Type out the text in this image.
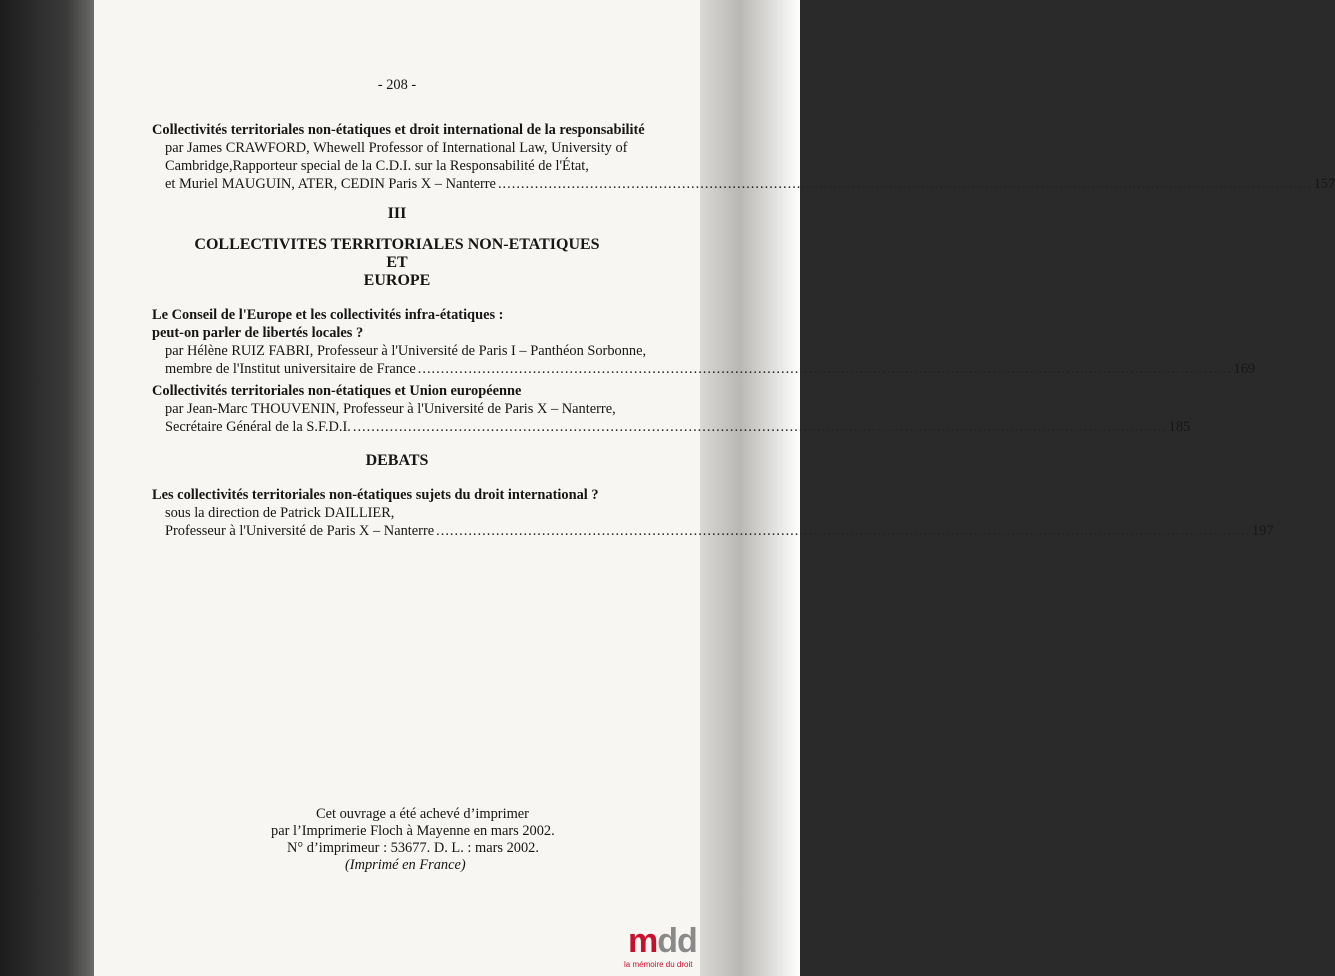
- 208 -
Collectivités territoriales non-étatiques et droit international de la responsabilité
par James CRAWFORD, Whewell Professor of International Law, University of
Cambridge,Rapporteur special de la C.D.I. sur la Responsabilité de l'État,
et Muriel MAUGUIN, ATER, CEDIN Paris X – Nanterre ................................................................................................................................................................................. 157
III
COLLECTIVITES TERRITORIALES NON-ETATIQUES
ET
EUROPE
Le Conseil de l'Europe et les collectivités infra-étatiques :
peut-on parler de libertés locales ?
par Hélène RUIZ FABRI, Professeur à l'Université de Paris I – Panthéon Sorbonne,
membre de l'Institut universitaire de France ................................................................................................................................................................................. 169
Collectivités territoriales non-étatiques et Union européenne
par Jean-Marc THOUVENIN, Professeur à l'Université de Paris X – Nanterre,
Secrétaire Général de la S.F.D.I. ................................................................................................................................................................................. 185
DEBATS
Les collectivités territoriales non-étatiques sujets du droit international ?
sous la direction de Patrick DAILLIER,
Professeur à l'Université de Paris X – Nanterre ................................................................................................................................................................................. 197
Cet ouvrage a été achevé d’imprimer
par l’Imprimerie Floch à Mayenne en mars 2002.
N° d’imprimeur : 53677. D. L. : mars 2002.
(Imprimé en France)
mdd
la mémoire du droit
